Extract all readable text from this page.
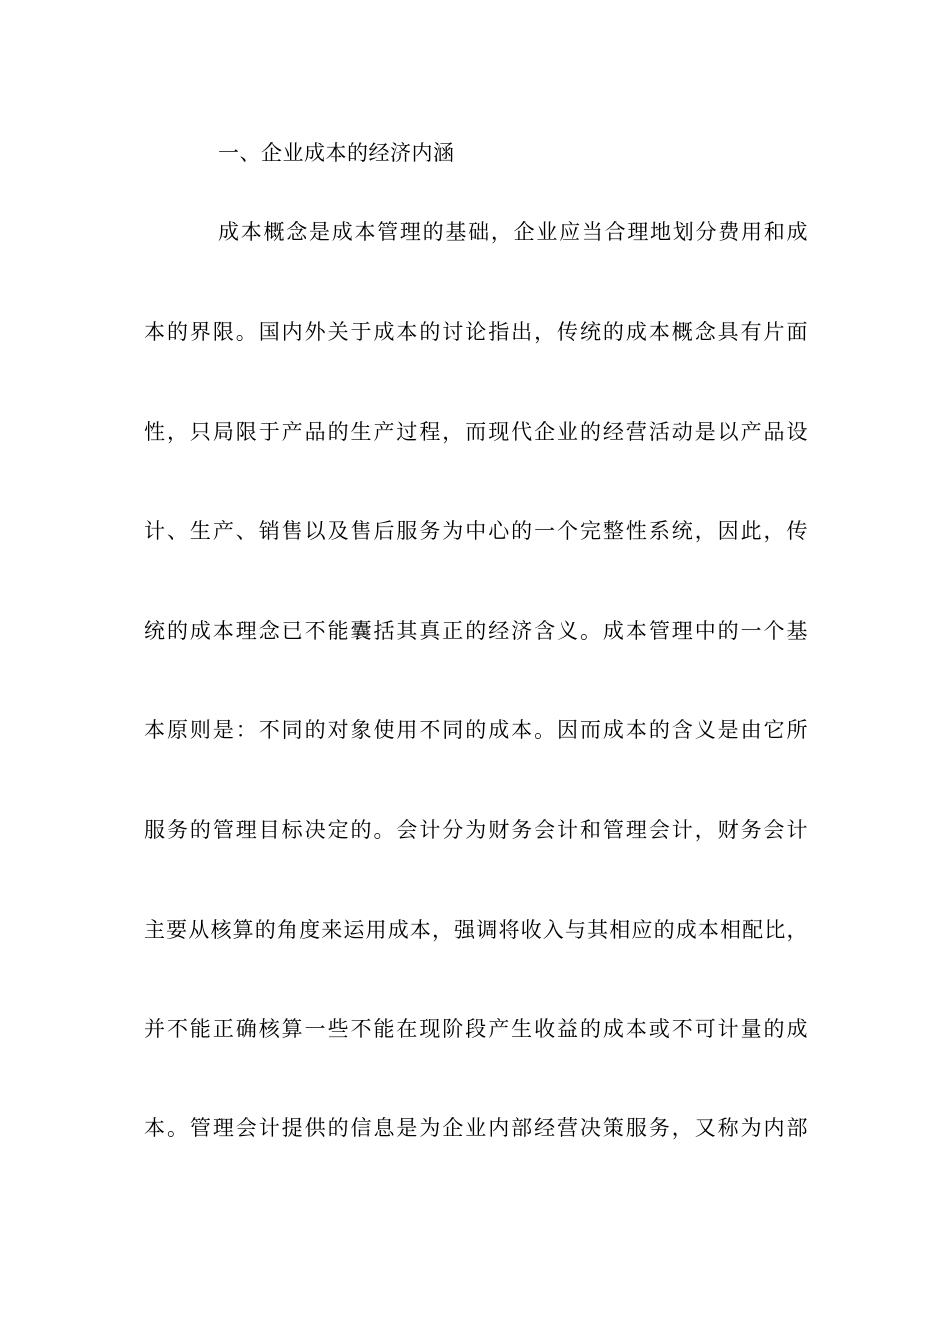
一、企业成本的经济内涵
成本概念是成本管理的基础，企业应当合理地划分费用和成
本的界限。国内外关于成本的讨论指出，传统的成本概念具有片面
性，只局限于产品的生产过程，而现代企业的经营活动是以产品设
计、生产、销售以及售后服务为中心的一个完整性系统，因此，传
统的成本理念已不能囊括其真正的经济含义。成本管理中的一个基
本原则是：不同的对象使用不同的成本。因而成本的含义是由它所
服务的管理目标决定的。会计分为财务会计和管理会计，财务会计
主要从核算的角度来运用成本，强调将收入与其相应的成本相配比，
并不能正确核算一些不能在现阶段产生收益的成本或不可计量的成
本。管理会计提供的信息是为企业内部经营决策服务，又称为内部
